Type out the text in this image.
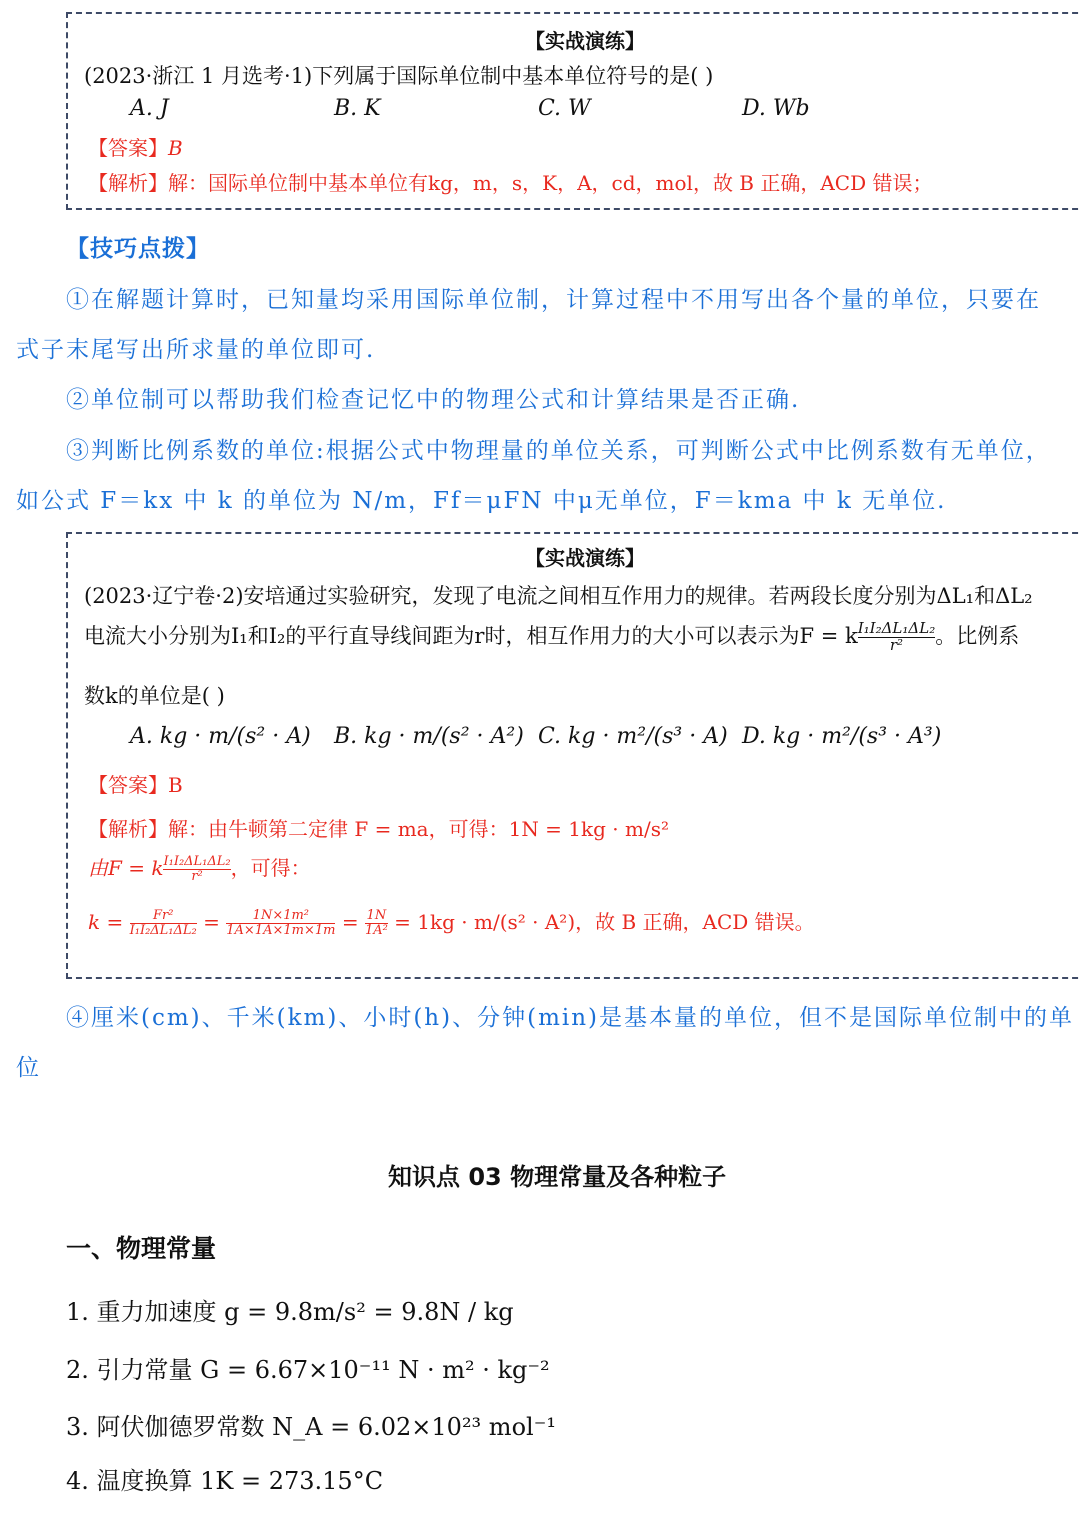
【实战演练】
(2023·浙江 1 月选考·1)下列属于国际单位制中基本单位符号的是( )
A. J	B. K	C. W	D. Wb
【答案】B
【解析】解：国际单位制中基本单位有kg，m，s，K，A，cd，mol，故 B 正确，ACD 错误；
【技巧点拨】
①在解题计算时，已知量均采用国际单位制，计算过程中不用写出各个量的单位，只要在
式子末尾写出所求量的单位即可.
②单位制可以帮助我们检查记忆中的物理公式和计算结果是否正确.
③判断比例系数的单位:根据公式中物理量的单位关系，可判断公式中比例系数有无单位，
如公式 F＝kx 中 k 的单位为 N/m，Ff＝μFN 中μ无单位，F＝kma 中 k 无单位.
【实战演练】
(2023·辽宁卷·2)安培通过实验研究，发现了电流之间相互作用力的规律。若两段长度分别为ΔL₁和ΔL₂
电流大小分别为I₁和I₂的平行直导线间距为r时，相互作用力的大小可以表示为F = k $\frac{\text{I₁I₂ΔL₁ΔL₂}}{\text{r²}}$ 。比例系
数k的单位是( )
A. kg · m/(s² · A) B. kg · m/(s² · A²) C. kg · m²/(s³ · A) D. kg · m²/(s³ · A³)
【答案】B
【解析】解：由牛顿第二定律 F = ma，可得：1N = 1kg · m/s²
由F = k $\frac{\text{I₁I₂ΔL₁ΔL₂}}{\text{r²}}$ ，可得：
$k = \frac{\text{Fr²}}{\text{I₁I₂ΔL₁ΔL₂}} = \frac{\text{1N×1m²}}{1A\times 1A\times 1m\times 1m} = \frac{1N}{\text{1A²}} = 1kg \cdot m/(s^2 \cdot A^2)$，故 B 正确，ACD 错误。
④厘米(cm)、千米(km)、小时(h)、分钟(min)是基本量的单位，但不是国际单位制中的单
位
知识点 03 物理常量及各种粒子
一、物理常量
1. 重力加速度 g = 9.8m/s² = 9.8N / kg
2. 引力常量 G = 6.67×10⁻¹¹ N · m² · kg⁻²
3. 阿伏伽德罗常数 N_A = 6.02×10²³ mol⁻¹
4. 温度换算 1K = 273.15°C
